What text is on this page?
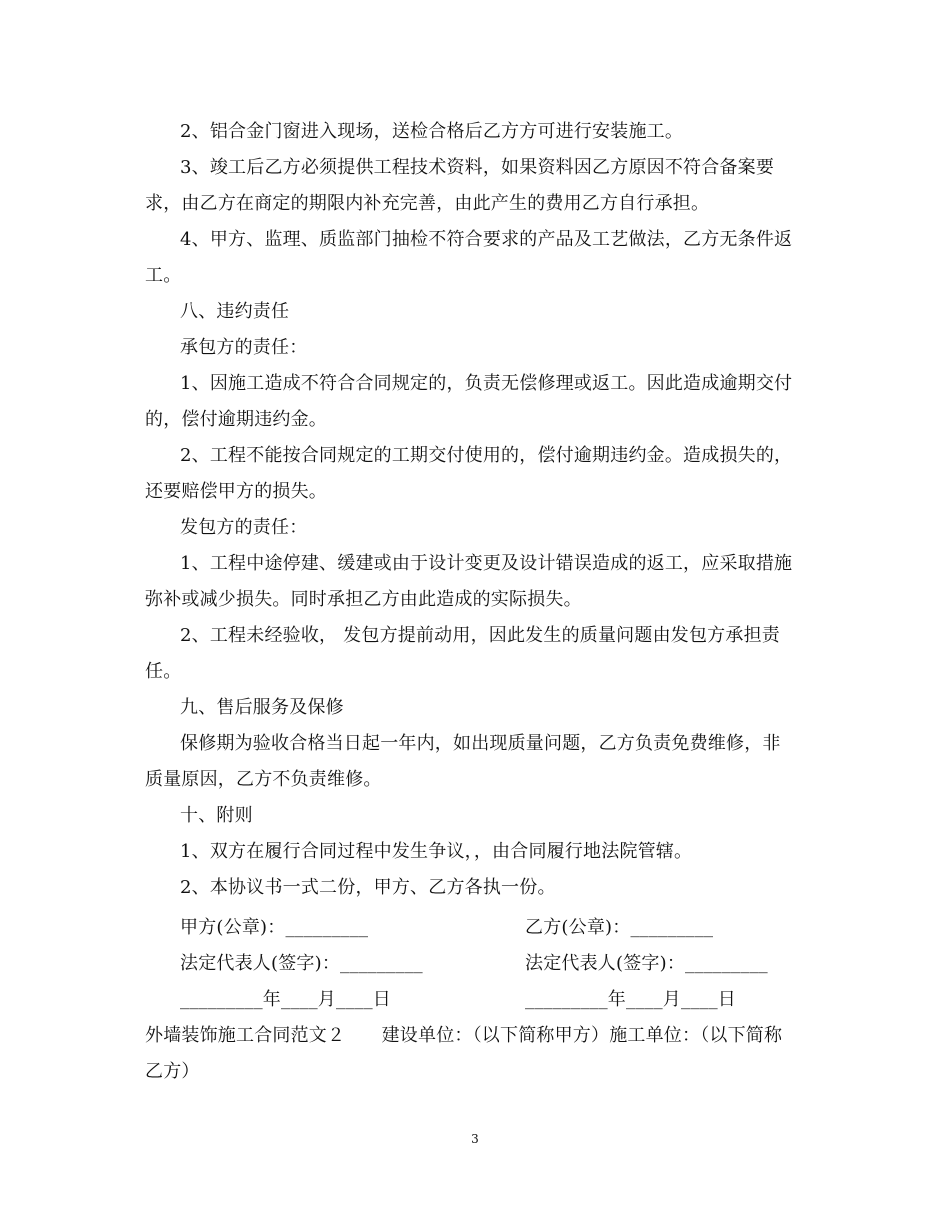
2、铝合金门窗进入现场，送检合格后乙方方可进行安装施工。
3、竣工后乙方必须提供工程技术资料，如果资料因乙方原因不符合备案要
求，由乙方在商定的期限内补充完善，由此产生的费用乙方自行承担。
4、甲方、监理、质监部门抽检不符合要求的产品及工艺做法，乙方无条件返
工。
八、违约责任
承包方的责任：
1、因施工造成不符合合同规定的，负责无偿修理或返工。因此造成逾期交付
的，偿付逾期违约金。
2、工程不能按合同规定的工期交付使用的，偿付逾期违约金。造成损失的，
还要赔偿甲方的损失。
发包方的责任：
1、工程中途停建、缓建或由于设计变更及设计错误造成的返工，应采取措施
弥补或减少损失。同时承担乙方由此造成的实际损失。
2、工程未经验收， 发包方提前动用，因此发生的质量问题由发包方承担责
任。
九、售后服务及保修
保修期为验收合格当日起一年内，如出现质量问题，乙方负责免费维修，非
质量原因，乙方不负责维修。
十、附则
1、双方在履行合同过程中发生争议，，由合同履行地法院管辖。
2、本协议书一式二份，甲方、乙方各执一份。
甲方(公章)：_________	乙方(公章)：_________
法定代表人(签字)：_________	法定代表人(签字)：_________
_________年____月____日	_________年____月____日
外墙装饰施工合同范文２　　建设单位：（以下简称甲方）施工单位：（以下简称
乙方）
3
